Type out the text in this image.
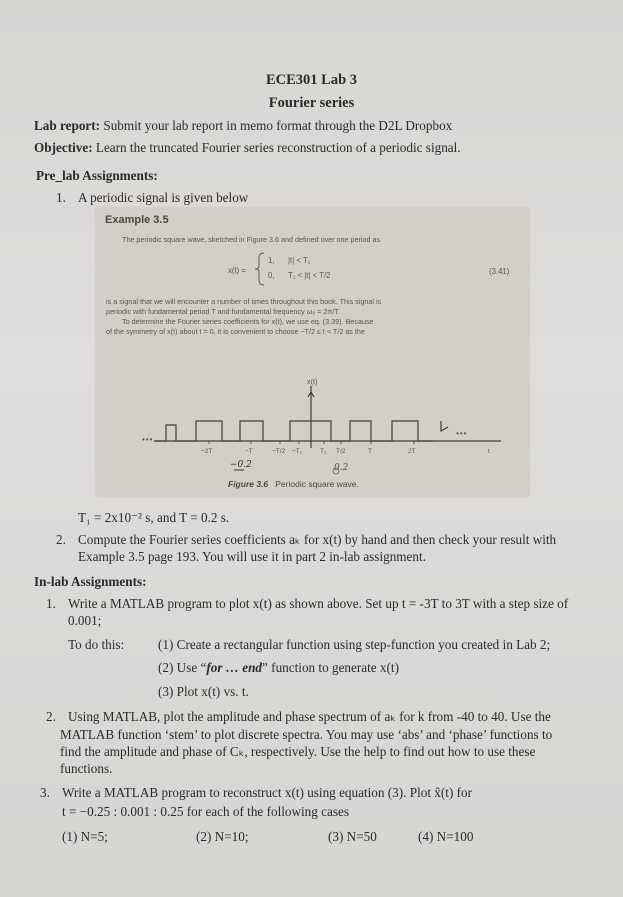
ECE301 Lab 3
Fourier series
Lab report: Submit your lab report in memo format through the D2L Dropbox
Objective: Learn the truncated Fourier series reconstruction of a periodic signal.
Pre_lab Assignments:
1. A periodic signal is given below
Example 3.5
The periodic square wave, sketched in Figure 3.6 and defined over one period as
x(t) =
1, |t| < T₁
0, T₁ < |t| < T/2	(3.41)
is a signal that we will encounter a number of times throughout this book. This signal is
periodic with fundamental period T and fundamental frequency ω₀ = 2π/T.
To determine the Fourier series coefficients for x(t), we use eq. (3.39). Because
of the symmetry of x(t) about t = 0, it is convenient to choose −T/2 ≤ t < T/2 as the
x(t)
•••
•••
−2T	−T	−T/2 −T₁	T₁ T/2	T	2T	t
−0.2	0.2
Figure 3.6 Periodic square wave.
T₁ = 2x10⁻² s, and T = 0.2 s.
2. Compute the Fourier series coefficients aₖ for x(t) by hand and then check your result with
Example 3.5 page 193. You will use it in part 2 in-lab assignment.
In-lab Assignments:
1. Write a MATLAB program to plot x(t) as shown above. Set up t = -3T to 3T with a step size of
0.001;
To do this:	(1) Create a rectangular function using step-function you created in Lab 2;
(2) Use “for … end” function to generate x(t)
(3) Plot x(t) vs. t.
2. Using MATLAB, plot the amplitude and phase spectrum of aₖ for k from -40 to 40. Use the
MATLAB function ‘stem’ to plot discrete spectra. You may use ‘abs’ and ‘phase’ functions to
find the amplitude and phase of Cₖ, respectively. Use the help to find out how to use these
functions.
3. Write a MATLAB program to reconstruct x(t) using equation (3). Plot x̂(t) for
t = −0.25 : 0.001 : 0.25 for each of the following cases
(1) N=5;	(2) N=10;	(3) N=50	(4) N=100
